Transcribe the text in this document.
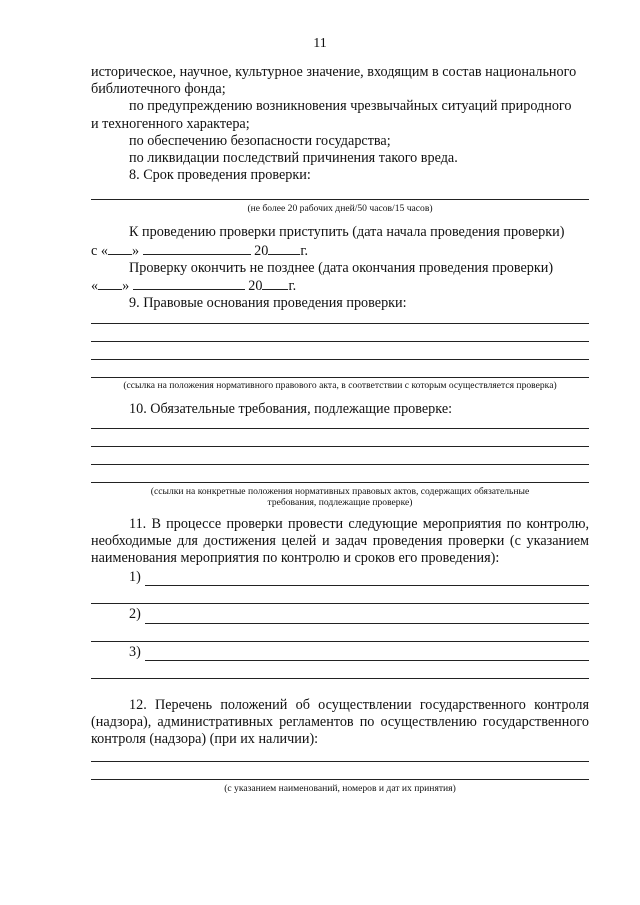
11

историческое, научное, культурное значение, входящим в состав национального

библиотечного фонда;

по предупреждению возникновения чрезвычайных ситуаций природного

и техногенного характера;

по обеспечению безопасности государства;

по ликвидации последствий причинения такого вреда.

8. Срок проведения проверки:

(не более 20 рабочих дней/50 часов/15 часов)

К проведению проверки приступить (дата начала проведения проверки)

с « »	20 г.

Проверку окончить не позднее (дата окончания проведения проверки)

« »	20 г.

9. Правовые основания проведения проверки:

(ссылка на положения нормативного правового акта, в соответствии с которым осуществляется проверка)

10. Обязательные требования, подлежащие проверке:

(ссылки на конкретные положения нормативных правовых актов, содержащих обязательные
требования, подлежащие проверке)

11. В процессе проверки провести следующие мероприятия по контролю, необходимые для достижения целей и задач проведения проверки (с указанием наименования мероприятия по контролю и сроков его проведения):

1)
2)
3)

12. Перечень положений об осуществлении государственного контроля (надзора), административных регламентов по осуществлению государственного контроля (надзора) (при их наличии):

(с указанием наименований, номеров и дат их принятия)
